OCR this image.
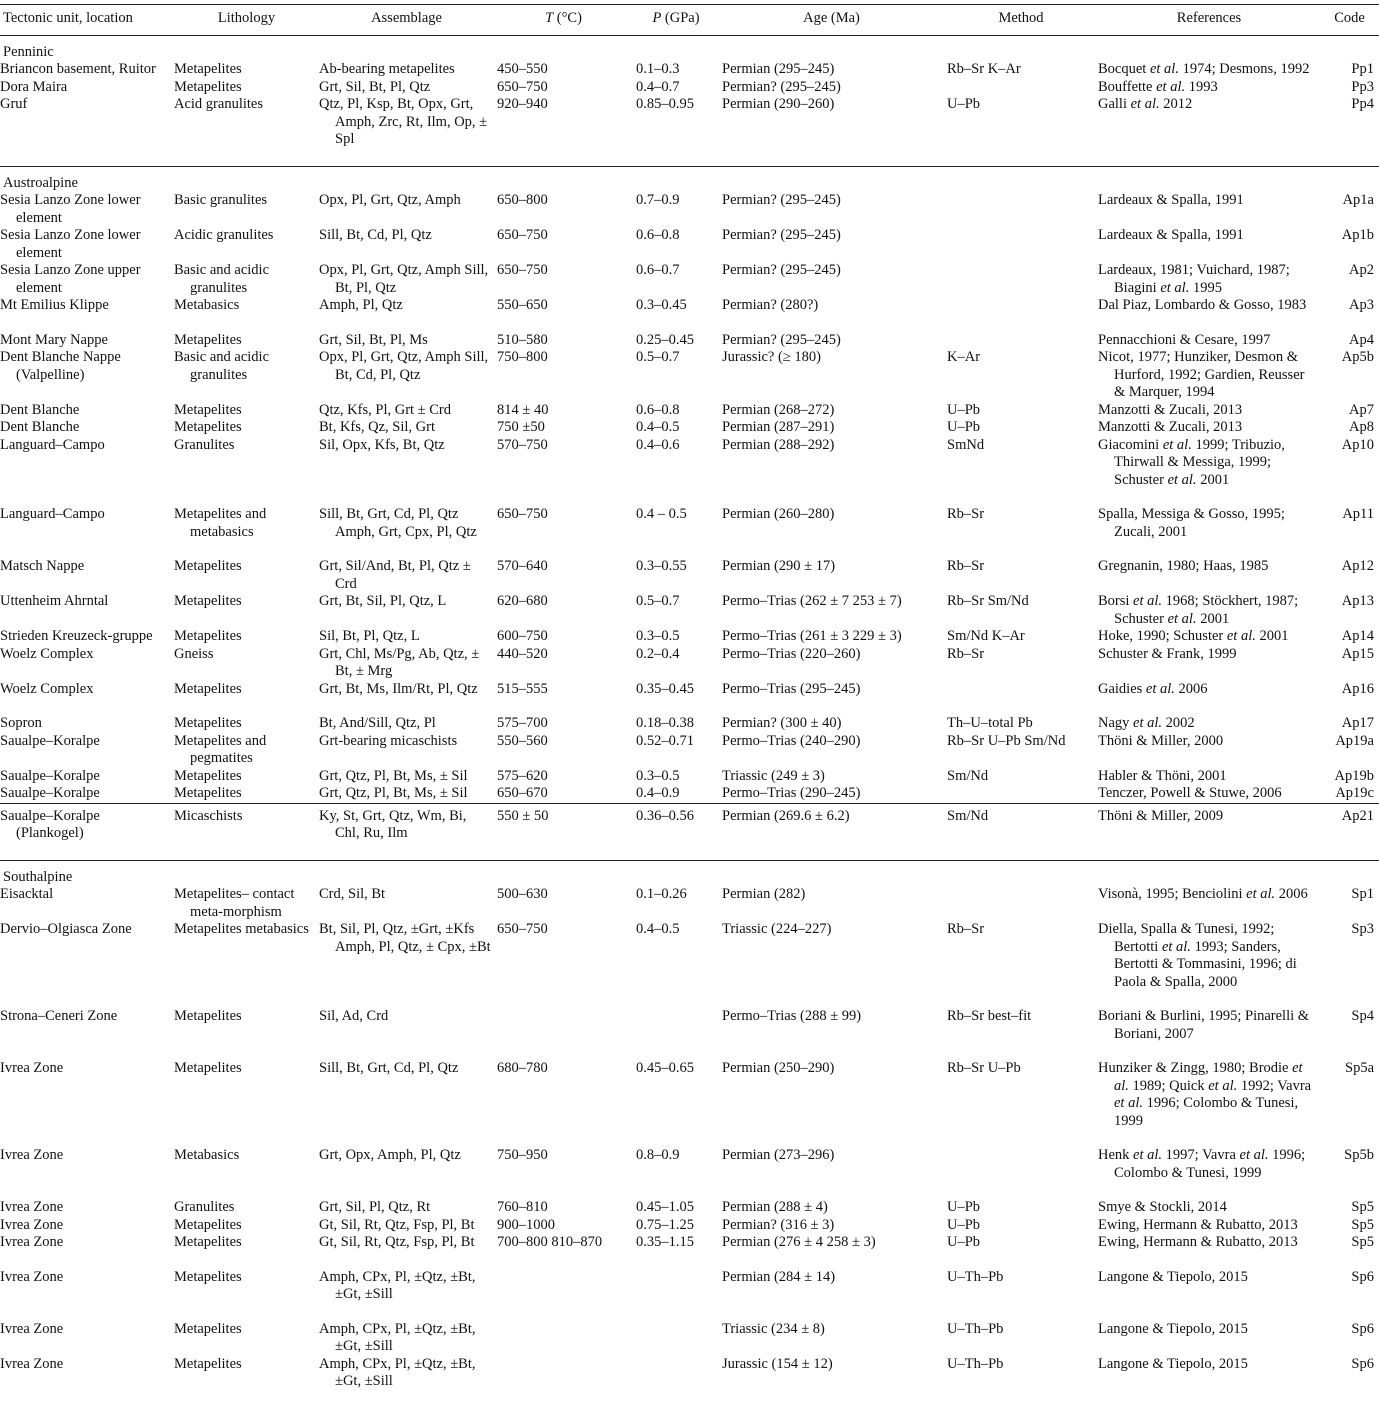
Tectonic unit, location	Lithology	Assemblage	T (°C)	P (GPa)	Age (Ma)	Method	References	Code
Penninic								
Briancon basement, Ruitor	Metapelites	Ab-bearing metapelites	450–550	0.1–0.3	Permian (295–245)	Rb–Sr K–Ar	Bocquet et al. 1974; Desmons, 1992	Pp1
Dora Maira	Metapelites	Grt, Sil, Bt, Pl, Qtz	650–750	0.4–0.7	Permian? (295–245)		Bouffette et al. 1993	Pp3
Gruf	Acid granulites	Qtz, Pl, Ksp, Bt, Opx, Grt, Amph, Zrc, Rt, Ilm, Op, ± Spl	920–940	0.85–0.95	Permian (290–260)	U–Pb	Galli et al. 2012	Pp4
Austroalpine								
Sesia Lanzo Zone lower element	Basic granulites	Opx, Pl, Grt, Qtz, Amph	650–800	0.7–0.9	Permian? (295–245)		Lardeaux & Spalla, 1991	Ap1a
Sesia Lanzo Zone lower element	Acidic granulites	Sill, Bt, Cd, Pl, Qtz	650–750	0.6–0.8	Permian? (295–245)		Lardeaux & Spalla, 1991	Ap1b
Sesia Lanzo Zone upper element	Basic and acidic granulites	Opx, Pl, Grt, Qtz, Amph Sill, Bt, Pl, Qtz	650–750	0.6–0.7	Permian? (295–245)		Lardeaux, 1981; Vuichard, 1987; Biagini et al. 1995	Ap2
Mt Emilius Klippe	Metabasics	Amph, Pl, Qtz	550–650	0.3–0.45	Permian? (280?)		Dal Piaz, Lombardo & Gosso, 1983	Ap3
Mont Mary Nappe	Metapelites	Grt, Sil, Bt, Pl, Ms	510–580	0.25–0.45	Permian? (295–245)		Pennacchioni & Cesare, 1997	Ap4
Dent Blanche Nappe (Valpelline)	Basic and acidic granulites	Opx, Pl, Grt, Qtz, Amph Sill, Bt, Cd, Pl, Qtz	750–800	0.5–0.7	Jurassic? (≥ 180)	K–Ar	Nicot, 1977; Hunziker, Desmon & Hurford, 1992; Gardien, Reusser & Marquer, 1994	Ap5b
Dent Blanche	Metapelites	Qtz, Kfs, Pl, Grt ± Crd	814 ± 40	0.6–0.8	Permian (268–272)	U–Pb	Manzotti & Zucali, 2013	Ap7
Dent Blanche	Metapelites	Bt, Kfs, Qz, Sil, Grt	750 ±50	0.4–0.5	Permian (287–291)	U–Pb	Manzotti & Zucali, 2013	Ap8
Languard–Campo	Granulites	Sil, Opx, Kfs, Bt, Qtz	570–750	0.4–0.6	Permian (288–292)	SmNd	Giacomini et al. 1999; Tribuzio, Thirwall & Messiga, 1999; Schuster et al. 2001	Ap10
Languard–Campo	Metapelites and metabasics	Sill, Bt, Grt, Cd, Pl, Qtz Amph, Grt, Cpx, Pl, Qtz	650–750	0.4 – 0.5	Permian (260–280)	Rb–Sr	Spalla, Messiga & Gosso, 1995; Zucali, 2001	Ap11
Matsch Nappe	Metapelites	Grt, Sil/And, Bt, Pl, Qtz ± Crd	570–640	0.3–0.55	Permian (290 ± 17)	Rb–Sr	Gregnanin, 1980; Haas, 1985	Ap12
Uttenheim Ahrntal	Metapelites	Grt, Bt, Sil, Pl, Qtz, L	620–680	0.5–0.7	Permo–Trias (262 ± 7 253 ± 7)	Rb–Sr Sm/Nd	Borsi et al. 1968; Stöckhert, 1987; Schuster et al. 2001	Ap13
Strieden Kreuzeck-gruppe	Metapelites	Sil, Bt, Pl, Qtz, L	600–750	0.3–0.5	Permo–Trias (261 ± 3 229 ± 3)	Sm/Nd K–Ar	Hoke, 1990; Schuster et al. 2001	Ap14
Woelz Complex	Gneiss	Grt, Chl, Ms/Pg, Ab, Qtz, ± Bt, ± Mrg	440–520	0.2–0.4	Permo–Trias (220–260)	Rb–Sr	Schuster & Frank, 1999	Ap15
Woelz Complex	Metapelites	Grt, Bt, Ms, Ilm/Rt, Pl, Qtz	515–555	0.35–0.45	Permo–Trias (295–245)		Gaidies et al. 2006	Ap16
Sopron	Metapelites	Bt, And/Sill, Qtz, Pl	575–700	0.18–0.38	Permian? (300 ± 40)	Th–U–total Pb	Nagy et al. 2002	Ap17
Saualpe–Koralpe	Metapelites and pegmatites	Grt-bearing micaschists	550–560	0.52–0.71	Permo–Trias (240–290)	Rb–Sr U–Pb Sm/Nd	Thöni & Miller, 2000	Ap19a
Saualpe–Koralpe	Metapelites	Grt, Qtz, Pl, Bt, Ms, ± Sil	575–620	0.3–0.5	Triassic (249 ± 3)	Sm/Nd	Habler & Thöni, 2001	Ap19b
Saualpe–Koralpe	Metapelites	Grt, Qtz, Pl, Bt, Ms, ± Sil	650–670	0.4–0.9	Permo–Trias (290–245)		Tenczer, Powell & Stuwe, 2006	Ap19c
Saualpe–Koralpe (Plankogel)	Micaschists	Ky, St, Grt, Qtz, Wm, Bi, Chl, Ru, Ilm	550 ± 50	0.36–0.56	Permian (269.6 ± 6.2)	Sm/Nd	Thöni & Miller, 2009	Ap21
Southalpine								
Eisacktal	Metapelites– contact meta-morphism	Crd, Sil, Bt	500–630	0.1–0.26	Permian (282)		Visonà, 1995; Benciolini et al. 2006	Sp1
Dervio–Olgiasca Zone	Metapelites metabasics	Bt, Sil, Pl, Qtz, ±Grt, ±Kfs Amph, Pl, Qtz, ± Cpx, ±Bt	650–750	0.4–0.5	Triassic (224–227)	Rb–Sr	Diella, Spalla & Tunesi, 1992; Bertotti et al. 1993; Sanders, Bertotti & Tommasini, 1996; di Paola & Spalla, 2000	Sp3
Strona–Ceneri Zone	Metapelites	Sil, Ad, Crd			Permo–Trias (288 ± 99)	Rb–Sr best–fit	Boriani & Burlini, 1995; Pinarelli & Boriani, 2007	Sp4
Ivrea Zone	Metapelites	Sill, Bt, Grt, Cd, Pl, Qtz	680–780	0.45–0.65	Permian (250–290)	Rb–Sr U–Pb	Hunziker & Zingg, 1980; Brodie et al. 1989; Quick et al. 1992; Vavra et al. 1996; Colombo & Tunesi, 1999	Sp5a
Ivrea Zone	Metabasics	Grt, Opx, Amph, Pl, Qtz	750–950	0.8–0.9	Permian (273–296)		Henk et al. 1997; Vavra et al. 1996; Colombo & Tunesi, 1999	Sp5b
Ivrea Zone	Granulites	Grt, Sil, Pl, Qtz, Rt	760–810	0.45–1.05	Permian (288 ± 4)	U–Pb	Smye & Stockli, 2014	Sp5
Ivrea Zone	Metapelites	Gt, Sil, Rt, Qtz, Fsp, Pl, Bt	900–1000	0.75–1.25	Permian? (316 ± 3)	U–Pb	Ewing, Hermann & Rubatto, 2013	Sp5
Ivrea Zone	Metapelites	Gt, Sil, Rt, Qtz, Fsp, Pl, Bt	700–800 810–870	0.35–1.15	Permian (276 ± 4 258 ± 3)	U–Pb	Ewing, Hermann & Rubatto, 2013	Sp5
Ivrea Zone	Metapelites	Amph, CPx, Pl, ±Qtz, ±Bt, ±Gt, ±Sill			Permian (284 ± 14)	U–Th–Pb	Langone & Tiepolo, 2015	Sp6
Ivrea Zone	Metapelites	Amph, CPx, Pl, ±Qtz, ±Bt, ±Gt, ±Sill			Triassic (234 ± 8)	U–Th–Pb	Langone & Tiepolo, 2015	Sp6
Ivrea Zone	Metapelites	Amph, CPx, Pl, ±Qtz, ±Bt, ±Gt, ±Sill			Jurassic (154 ± 12)	U–Th–Pb	Langone & Tiepolo, 2015	Sp6
